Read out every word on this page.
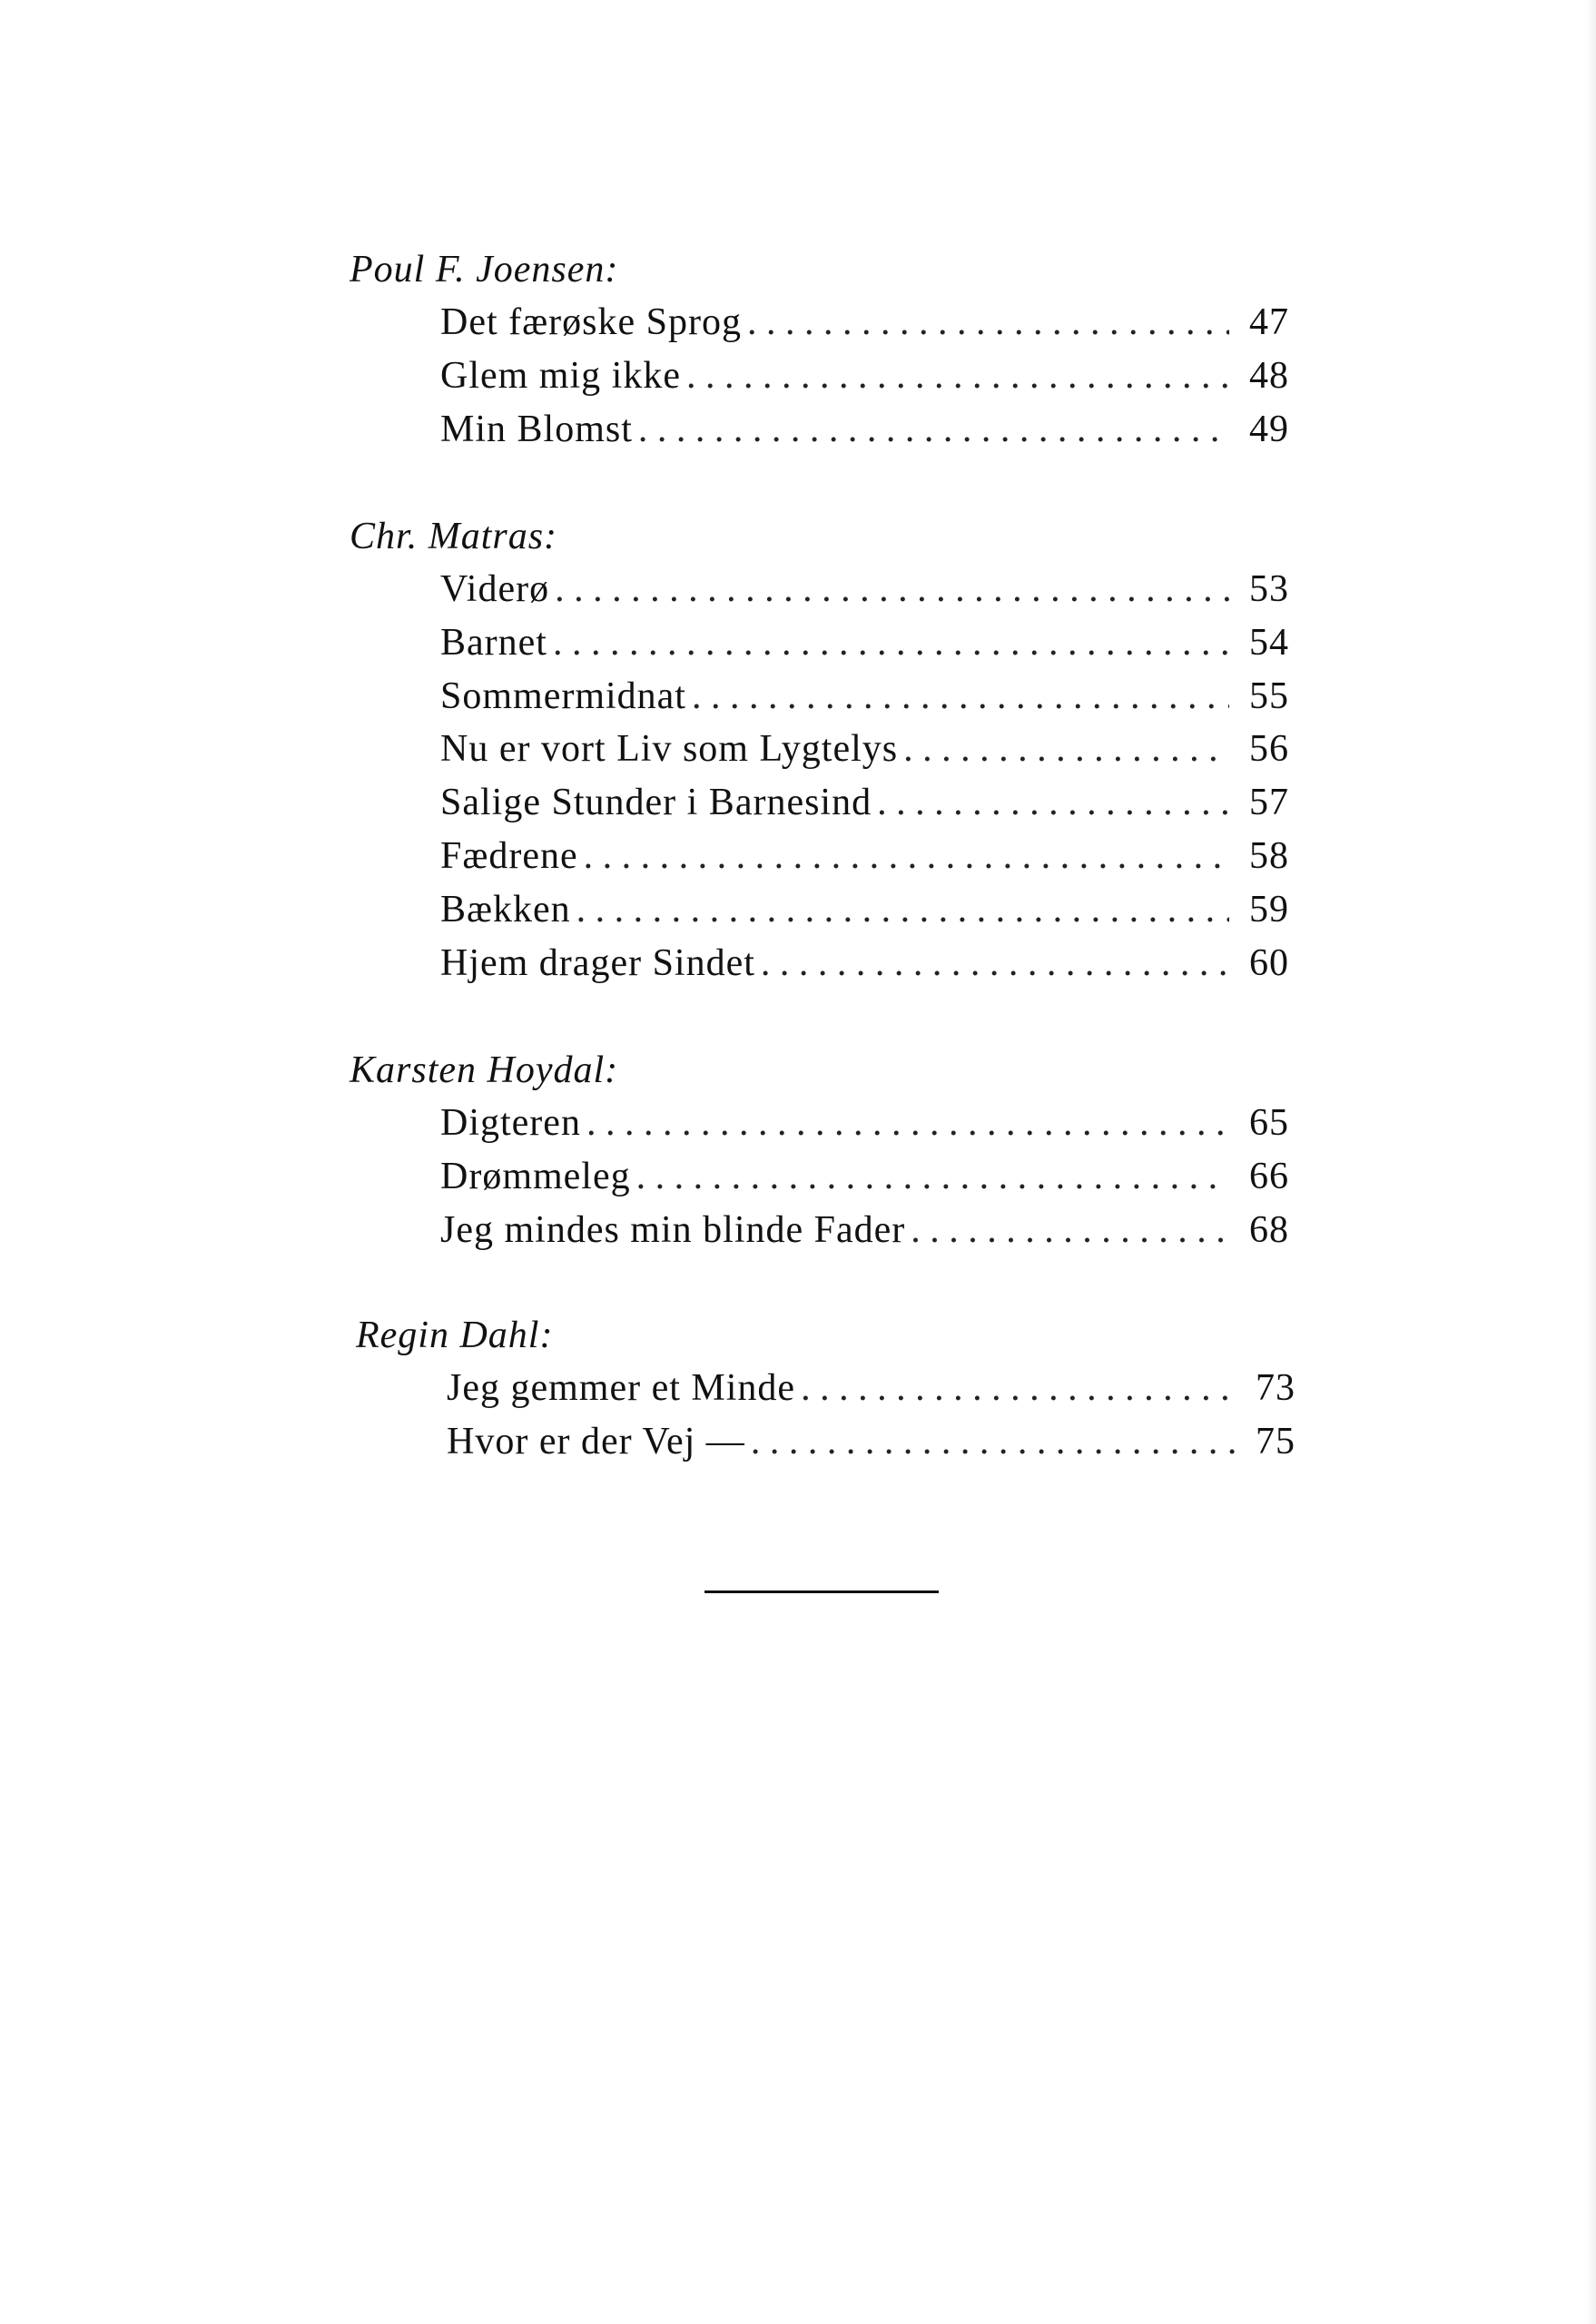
Poul F. Joensen:
Det færøske Sprog . . .	47
Glem mig ikke . . .	48
Min Blomst . . .	49
Chr. Matras:
Viderø . . .	53
Barnet . . .	54
Sommermidnat . . .	55
Nu er vort Liv som Lygtelys . . .	56
Salige Stunder i Barnesind . . .	57
Fædrene . . .	58
Bækken . . .	59
Hjem drager Sindet . . .	60
Karsten Hoydal:
Digteren . . .	65
Drømmeleg . . .	66
Jeg mindes min blinde Fader . . .	68
Regin Dahl:
Jeg gemmer et Minde . . .	73
Hvor er der Vej — . . .	75
